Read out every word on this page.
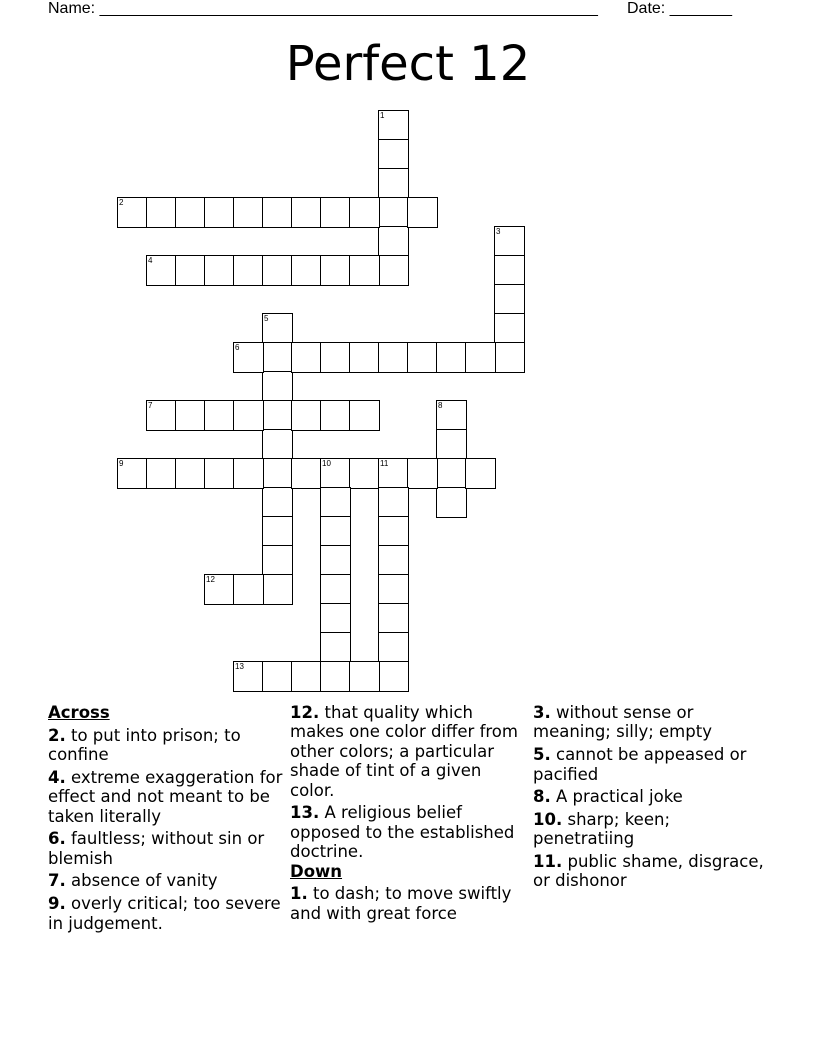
Name: ________________________________________________________ Date: _______
Perfect 12
1
2
3
4
5
6
7	8
9	10	11
12
13
Across
2. to put into prison; to confine
4. extreme exaggeration for effect and not meant to be taken literally
6. faultless; without sin or blemish
7. absence of vanity
9. overly critical; too severe in judgement.
12. that quality which makes one color differ from other colors; a particular shade of tint of a given color.
13. A religious belief opposed to the established doctrine.
Down
1. to dash; to move swiftly and with great force
3. without sense or meaning; silly; empty
5. cannot be appeased or pacified
8. A practical joke
10. sharp; keen; penetratiing
11. public shame, disgrace, or dishonor
